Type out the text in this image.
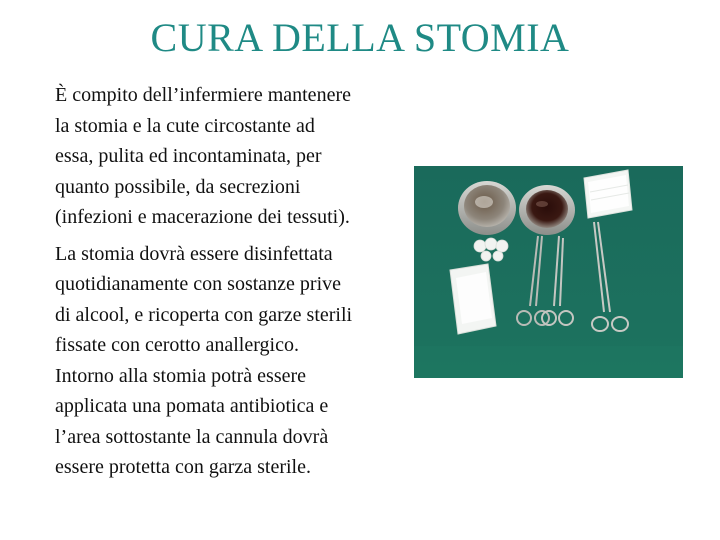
CURA DELLA STOMIA

È compito dell’infermiere mantenere
la stomia e la cute circostante ad
essa, pulita ed incontaminata, per
quanto possibile, da secrezioni
(infezioni e macerazione dei tessuti).

La stomia dovrà essere disinfettata
quotidianamente con sostanze prive
di alcool, e ricoperta con garze sterili
fissate con cerotto anallergico.
Intorno alla stomia potrà essere
applicata una pomata antibiotica e
l’area sottostante la cannula dovrà
essere protetta con garza sterile.
